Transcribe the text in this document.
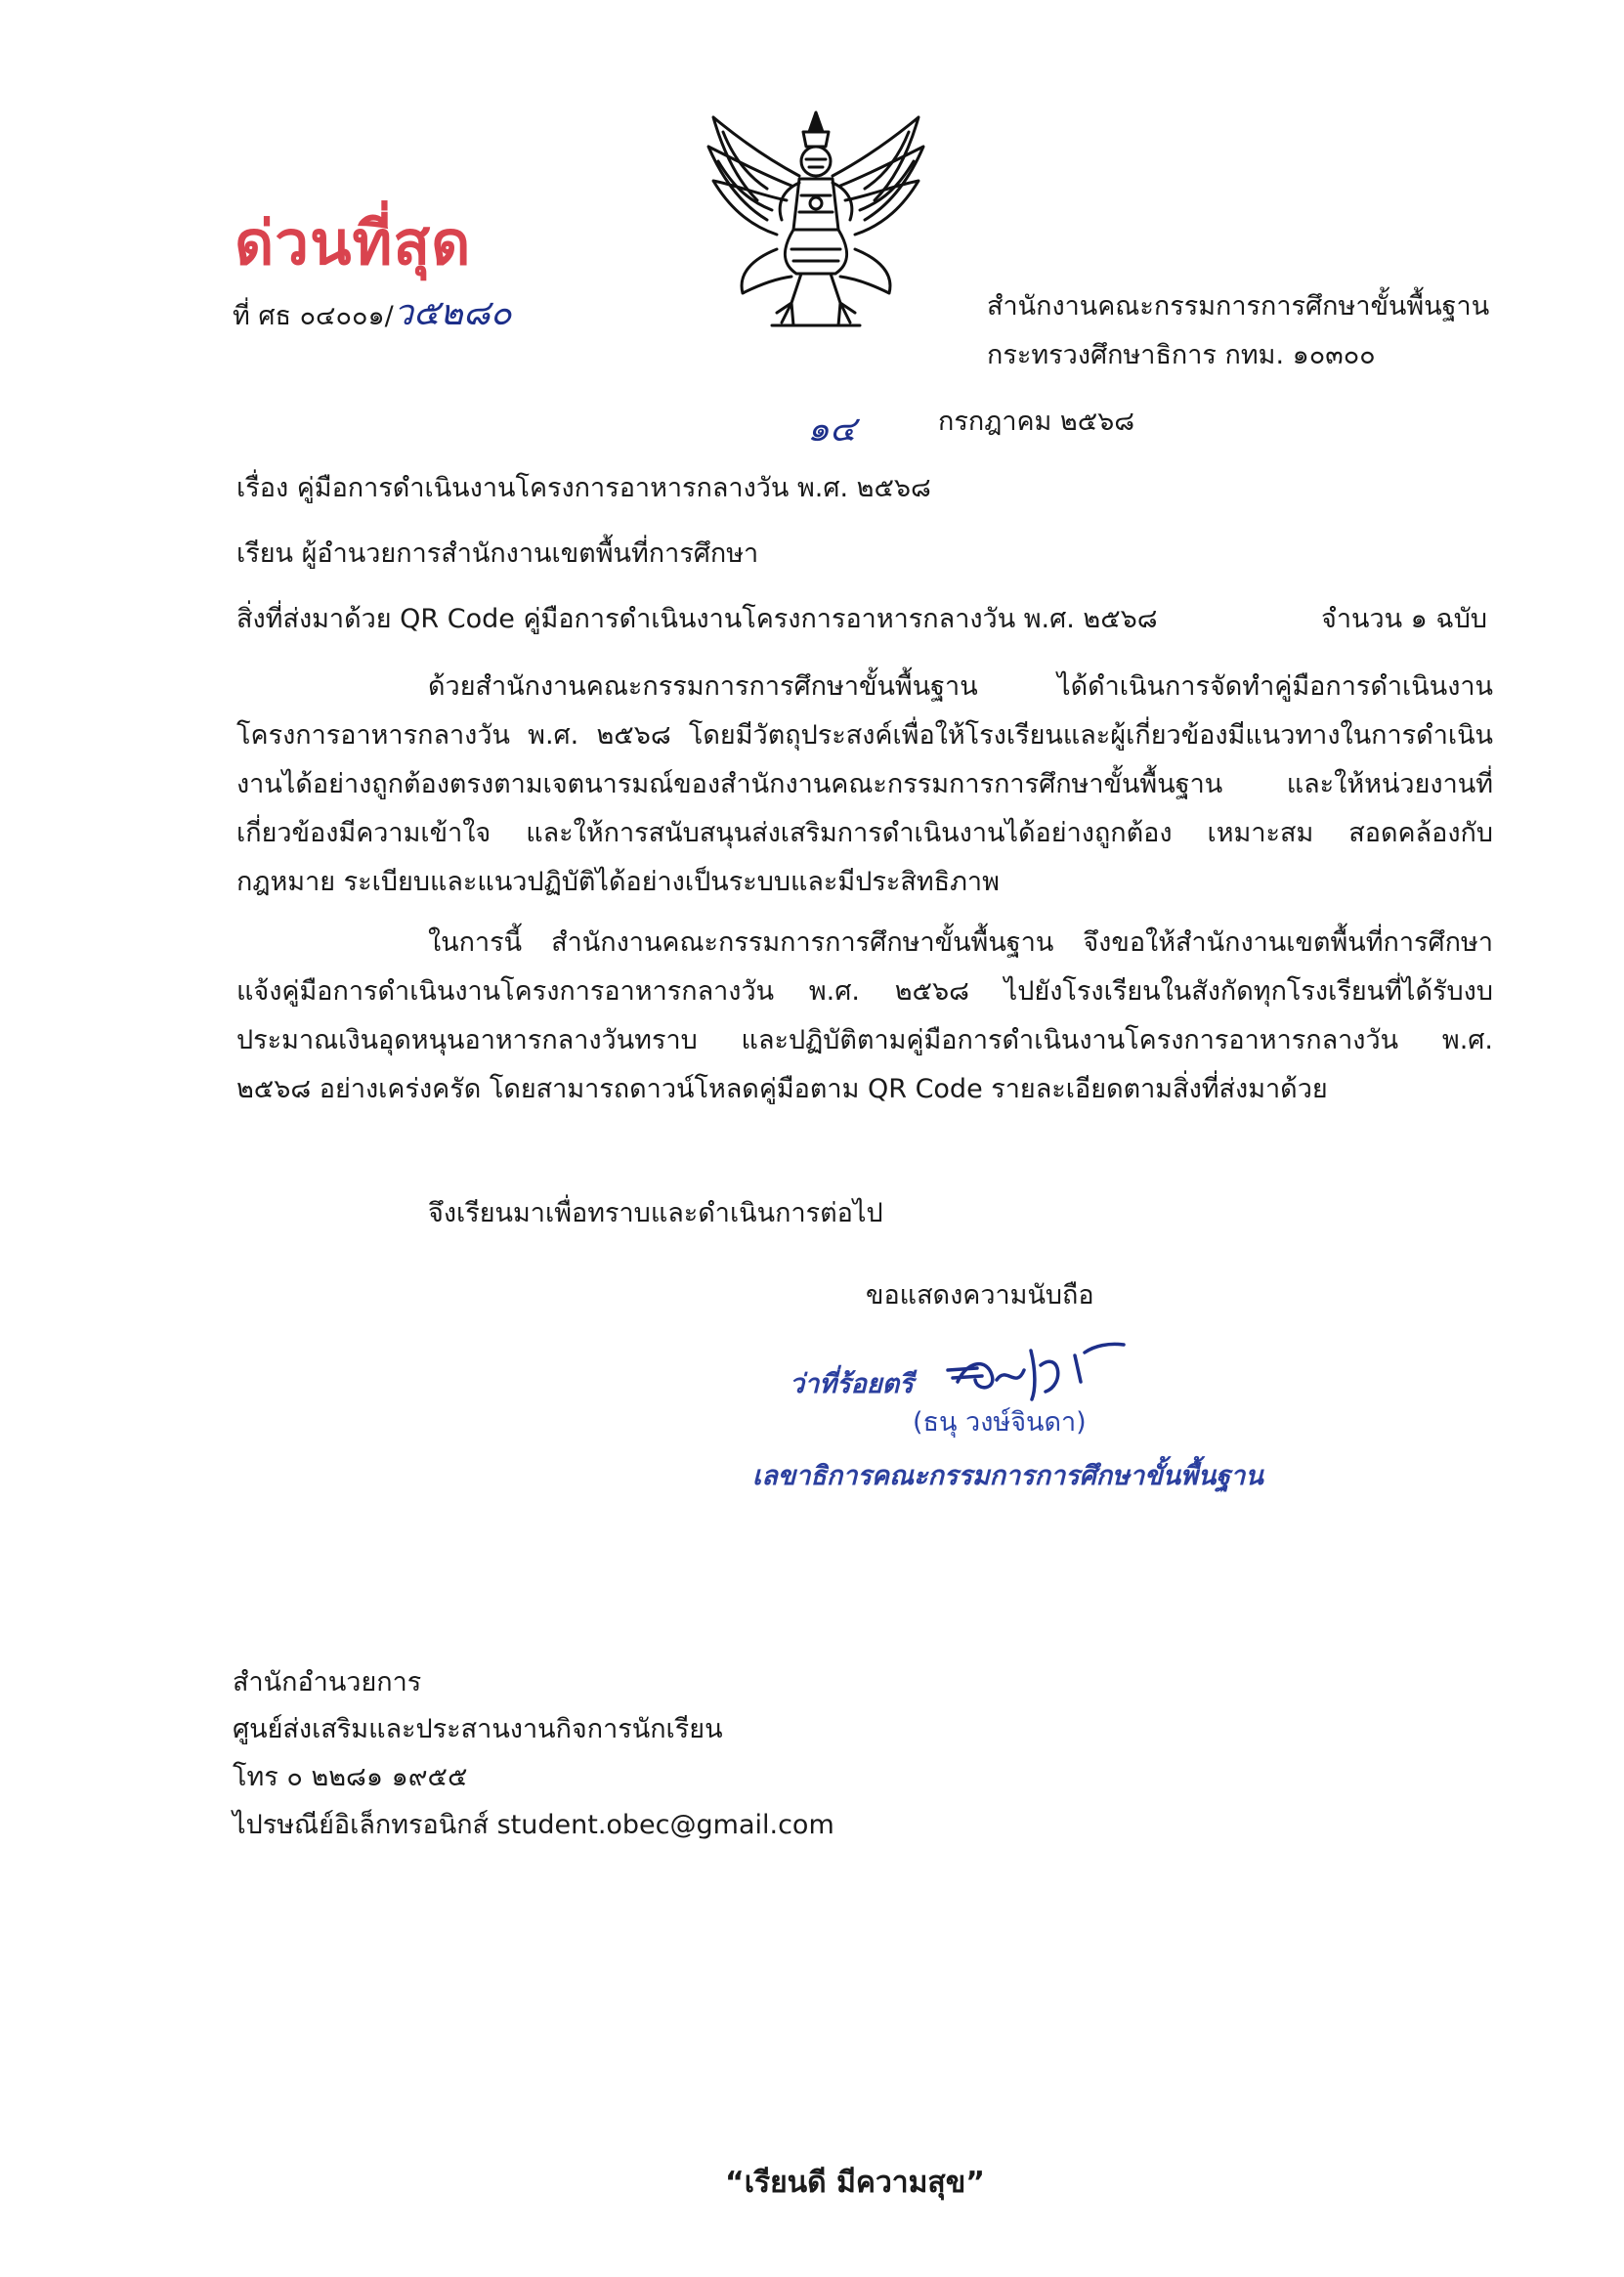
ด่วนที่สุด
ที่ ศธ ๐๔๐๐๑/ว๕๒๘๐	สำนักงานคณะกรรมการการศึกษาขั้นพื้นฐาน
กระทรวงศึกษาธิการ กทม. ๑๐๓๐๐
๑๔	กรกฎาคม ๒๕๖๘
เรื่อง คู่มือการดำเนินงานโครงการอาหารกลางวัน พ.ศ. ๒๕๖๘
เรียน ผู้อำนวยการสำนักงานเขตพื้นที่การศึกษา
สิ่งที่ส่งมาด้วย QR Code คู่มือการดำเนินงานโครงการอาหารกลางวัน พ.ศ. ๒๕๖๘	จำนวน ๑ ฉบับ
ด้วยสำนักงานคณะกรรมการการศึกษาขั้นพื้นฐาน ได้ดำเนินการจัดทำคู่มือการดำเนินงานโครงการอาหารกลางวัน พ.ศ. ๒๕๖๘ โดยมีวัตถุประสงค์เพื่อให้โรงเรียนและผู้เกี่ยวข้องมีแนวทางในการดำเนินงานได้อย่างถูกต้องตรงตามเจตนารมณ์ของสำนักงานคณะกรรมการการศึกษาขั้นพื้นฐาน และให้หน่วยงานที่เกี่ยวข้องมีความเข้าใจ และให้การสนับสนุนส่งเสริมการดำเนินงานได้อย่างถูกต้อง เหมาะสม สอดคล้องกับกฎหมาย ระเบียบและแนวปฏิบัติได้อย่างเป็นระบบและมีประสิทธิภาพ
ในการนี้ สำนักงานคณะกรรมการการศึกษาขั้นพื้นฐาน จึงขอให้สำนักงานเขตพื้นที่การศึกษา แจ้งคู่มือการดำเนินงานโครงการอาหารกลางวัน พ.ศ. ๒๕๖๘ ไปยังโรงเรียนในสังกัดทุกโรงเรียนที่ได้รับงบประมาณเงินอุดหนุนอาหารกลางวันทราบ และปฏิบัติตามคู่มือการดำเนินงานโครงการอาหารกลางวัน พ.ศ. ๒๕๖๘ อย่างเคร่งครัด โดยสามารถดาวน์โหลดคู่มือตาม QR Code รายละเอียดตามสิ่งที่ส่งมาด้วย
จึงเรียนมาเพื่อทราบและดำเนินการต่อไป
ขอแสดงความนับถือ
ว่าที่ร้อยตรี
(ธนุ วงษ์จินดา)
เลขาธิการคณะกรรมการการศึกษาขั้นพื้นฐาน
สำนักอำนวยการ
ศูนย์ส่งเสริมและประสานงานกิจการนักเรียน
โทร ๐ ๒๒๘๑ ๑๙๕๕
ไปรษณีย์อิเล็กทรอนิกส์ student.obec@gmail.com
“เรียนดี มีความสุข”
